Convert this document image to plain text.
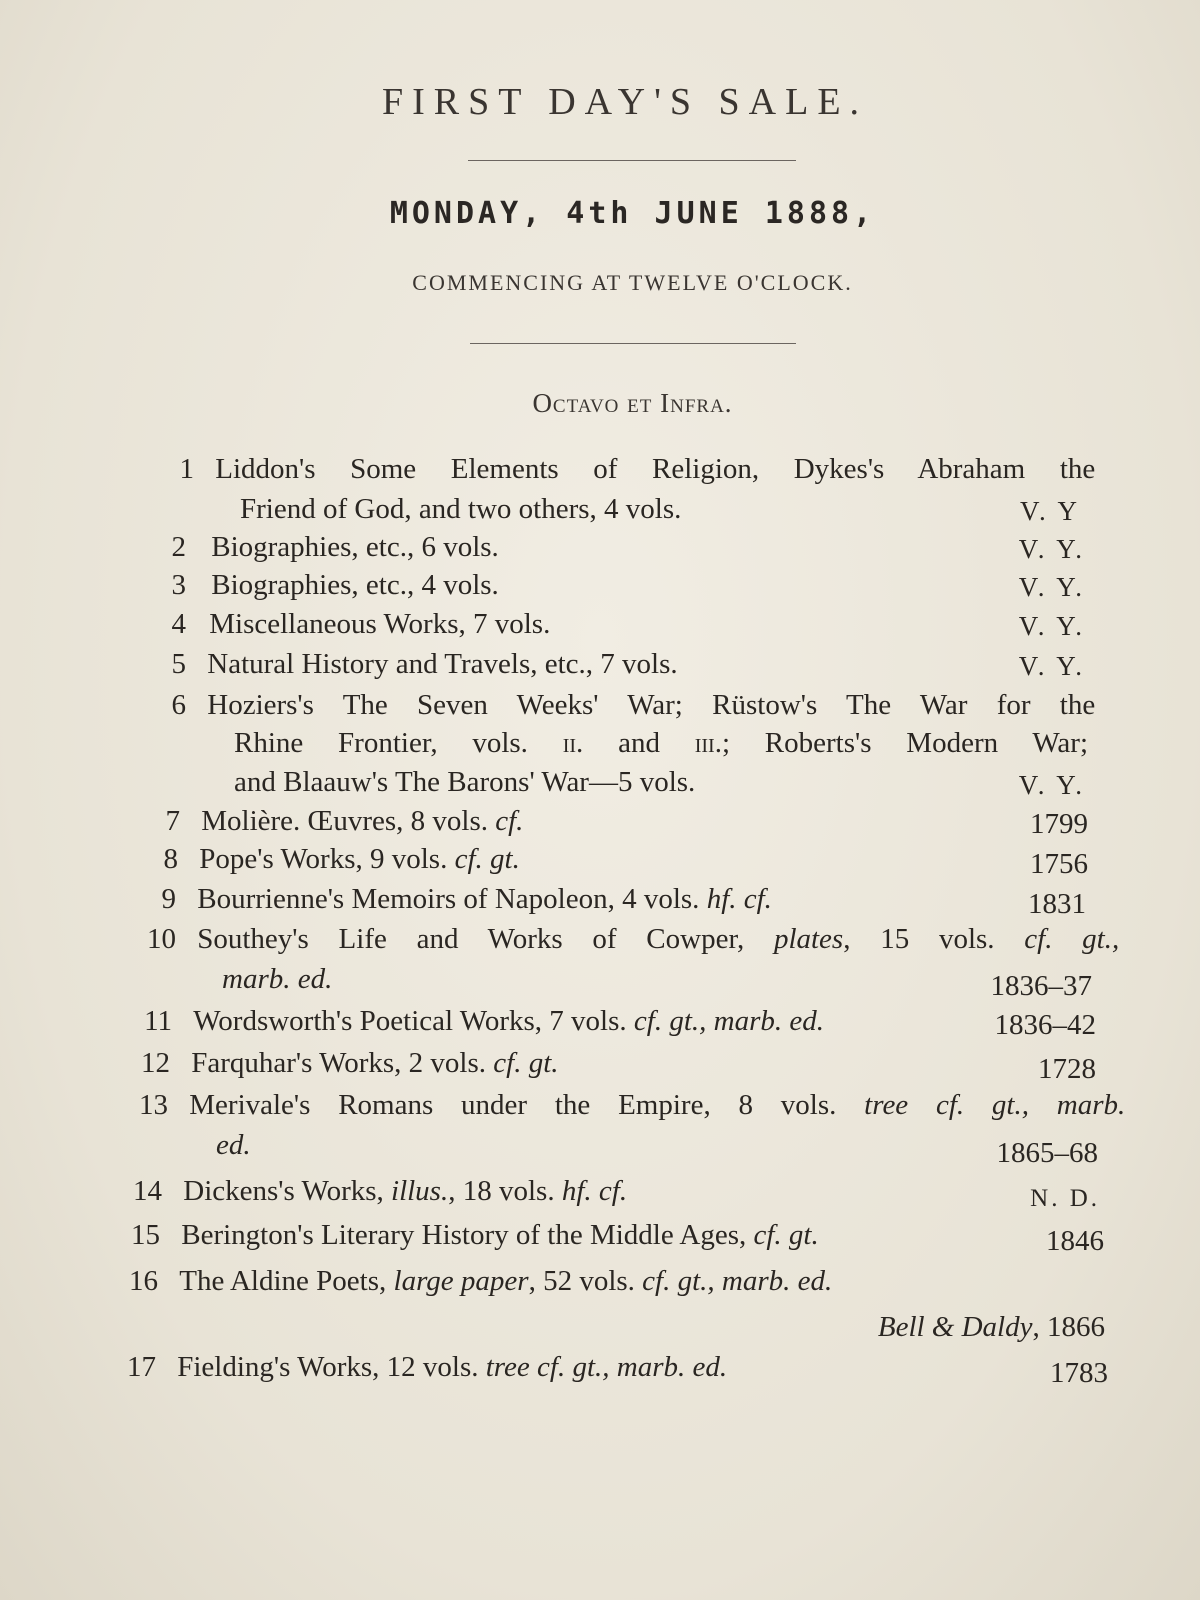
FIRST DAY'S SALE.
MONDAY, 4th JUNE 1888,
COMMENCING AT TWELVE O'CLOCK.
Octavo et Infra.
1 Liddon's Some Elements of Religion, Dykes's Abraham the
Friend of God, and two others, 4 vols.	V. Y
2 Biographies, etc., 6 vols.	V. Y.
3 Biographies, etc., 4 vols.	V. Y.
4 Miscellaneous Works, 7 vols.	V. Y.
5 Natural History and Travels, etc., 7 vols.	V. Y.
6 Hoziers's The Seven Weeks' War; Rüstow's The War for the
Rhine Frontier, vols. ii. and iii.; Roberts's Modern War;
and Blaauw's The Barons' War—5 vols.	V. Y.
7 Molière. Œuvres, 8 vols. cf.	1799
8 Pope's Works, 9 vols. cf. gt.	1756
9 Bourrienne's Memoirs of Napoleon, 4 vols. hf. cf.	1831
10 Southey's Life and Works of Cowper, plates, 15 vols. cf. gt.,
marb. ed.	1836–37
11 Wordsworth's Poetical Works, 7 vols. cf. gt., marb. ed.	1836–42
12 Farquhar's Works, 2 vols. cf. gt.	1728
13 Merivale's Romans under the Empire, 8 vols. tree cf. gt., marb.
ed.	1865–68
14 Dickens's Works, illus., 18 vols. hf. cf.	N. D.
15 Berington's Literary History of the Middle Ages, cf. gt.	1846
16 The Aldine Poets, large paper, 52 vols. cf. gt., marb. ed.
Bell & Daldy, 1866
17 Fielding's Works, 12 vols. tree cf. gt., marb. ed.	1783
